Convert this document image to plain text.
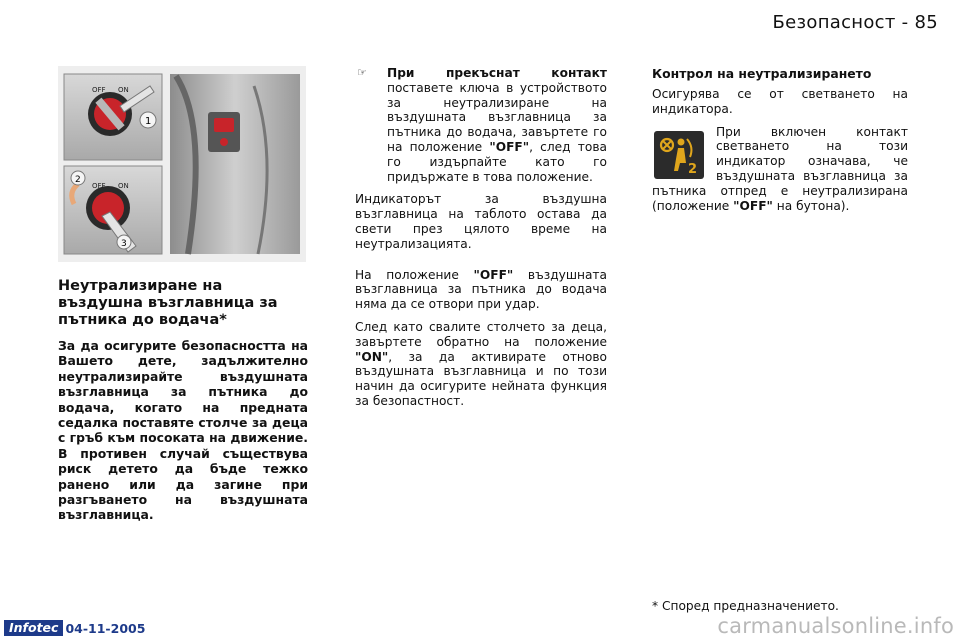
Безопасност - 85
1
OFF ON
2
3
OFF ON
Неутрализиране на въздушна възглавница за пътника до водача*
За да осигурите безопасността на Вашето дете, задължително неутрализирайте въздушната възглавница за пътника до водача, когато на предната седалка поставяте столче за деца с гръб към посоката на движение. В противен случай съществува риск детето да бъде тежко ранено или да загине при разгъването на въздушната възглавница.

☞	При прекъснат контакт поставете ключа в устройството за неутрализиране на въздушната възглавница за пътника до водача, завъртете го на положение "OFF", след това го издърпайте като го придържате в това положение.

Индикаторът за въздушна възглавница на таблото остава да свети през цялото време на неутрализацията.

На положение "OFF" въздушната възглавница за пътника до водача няма да се отвори при удар.

След като свалите столчето за деца, завъртете обратно на положение "ON", за да активирате отново въздушната възглавница и по този начин да осигурите нейната функция за безопастност.

Контрол на неутрализирането

Осигурява се от светването на индикатора.

2

При включен контакт светването на този индикатор означава, че въздушната възглавница за пътника отпред е неутрализирана (положение "OFF" на бутона).

* Според предназначението.
Infotec 04-11-2005	carmanualsonline.info
